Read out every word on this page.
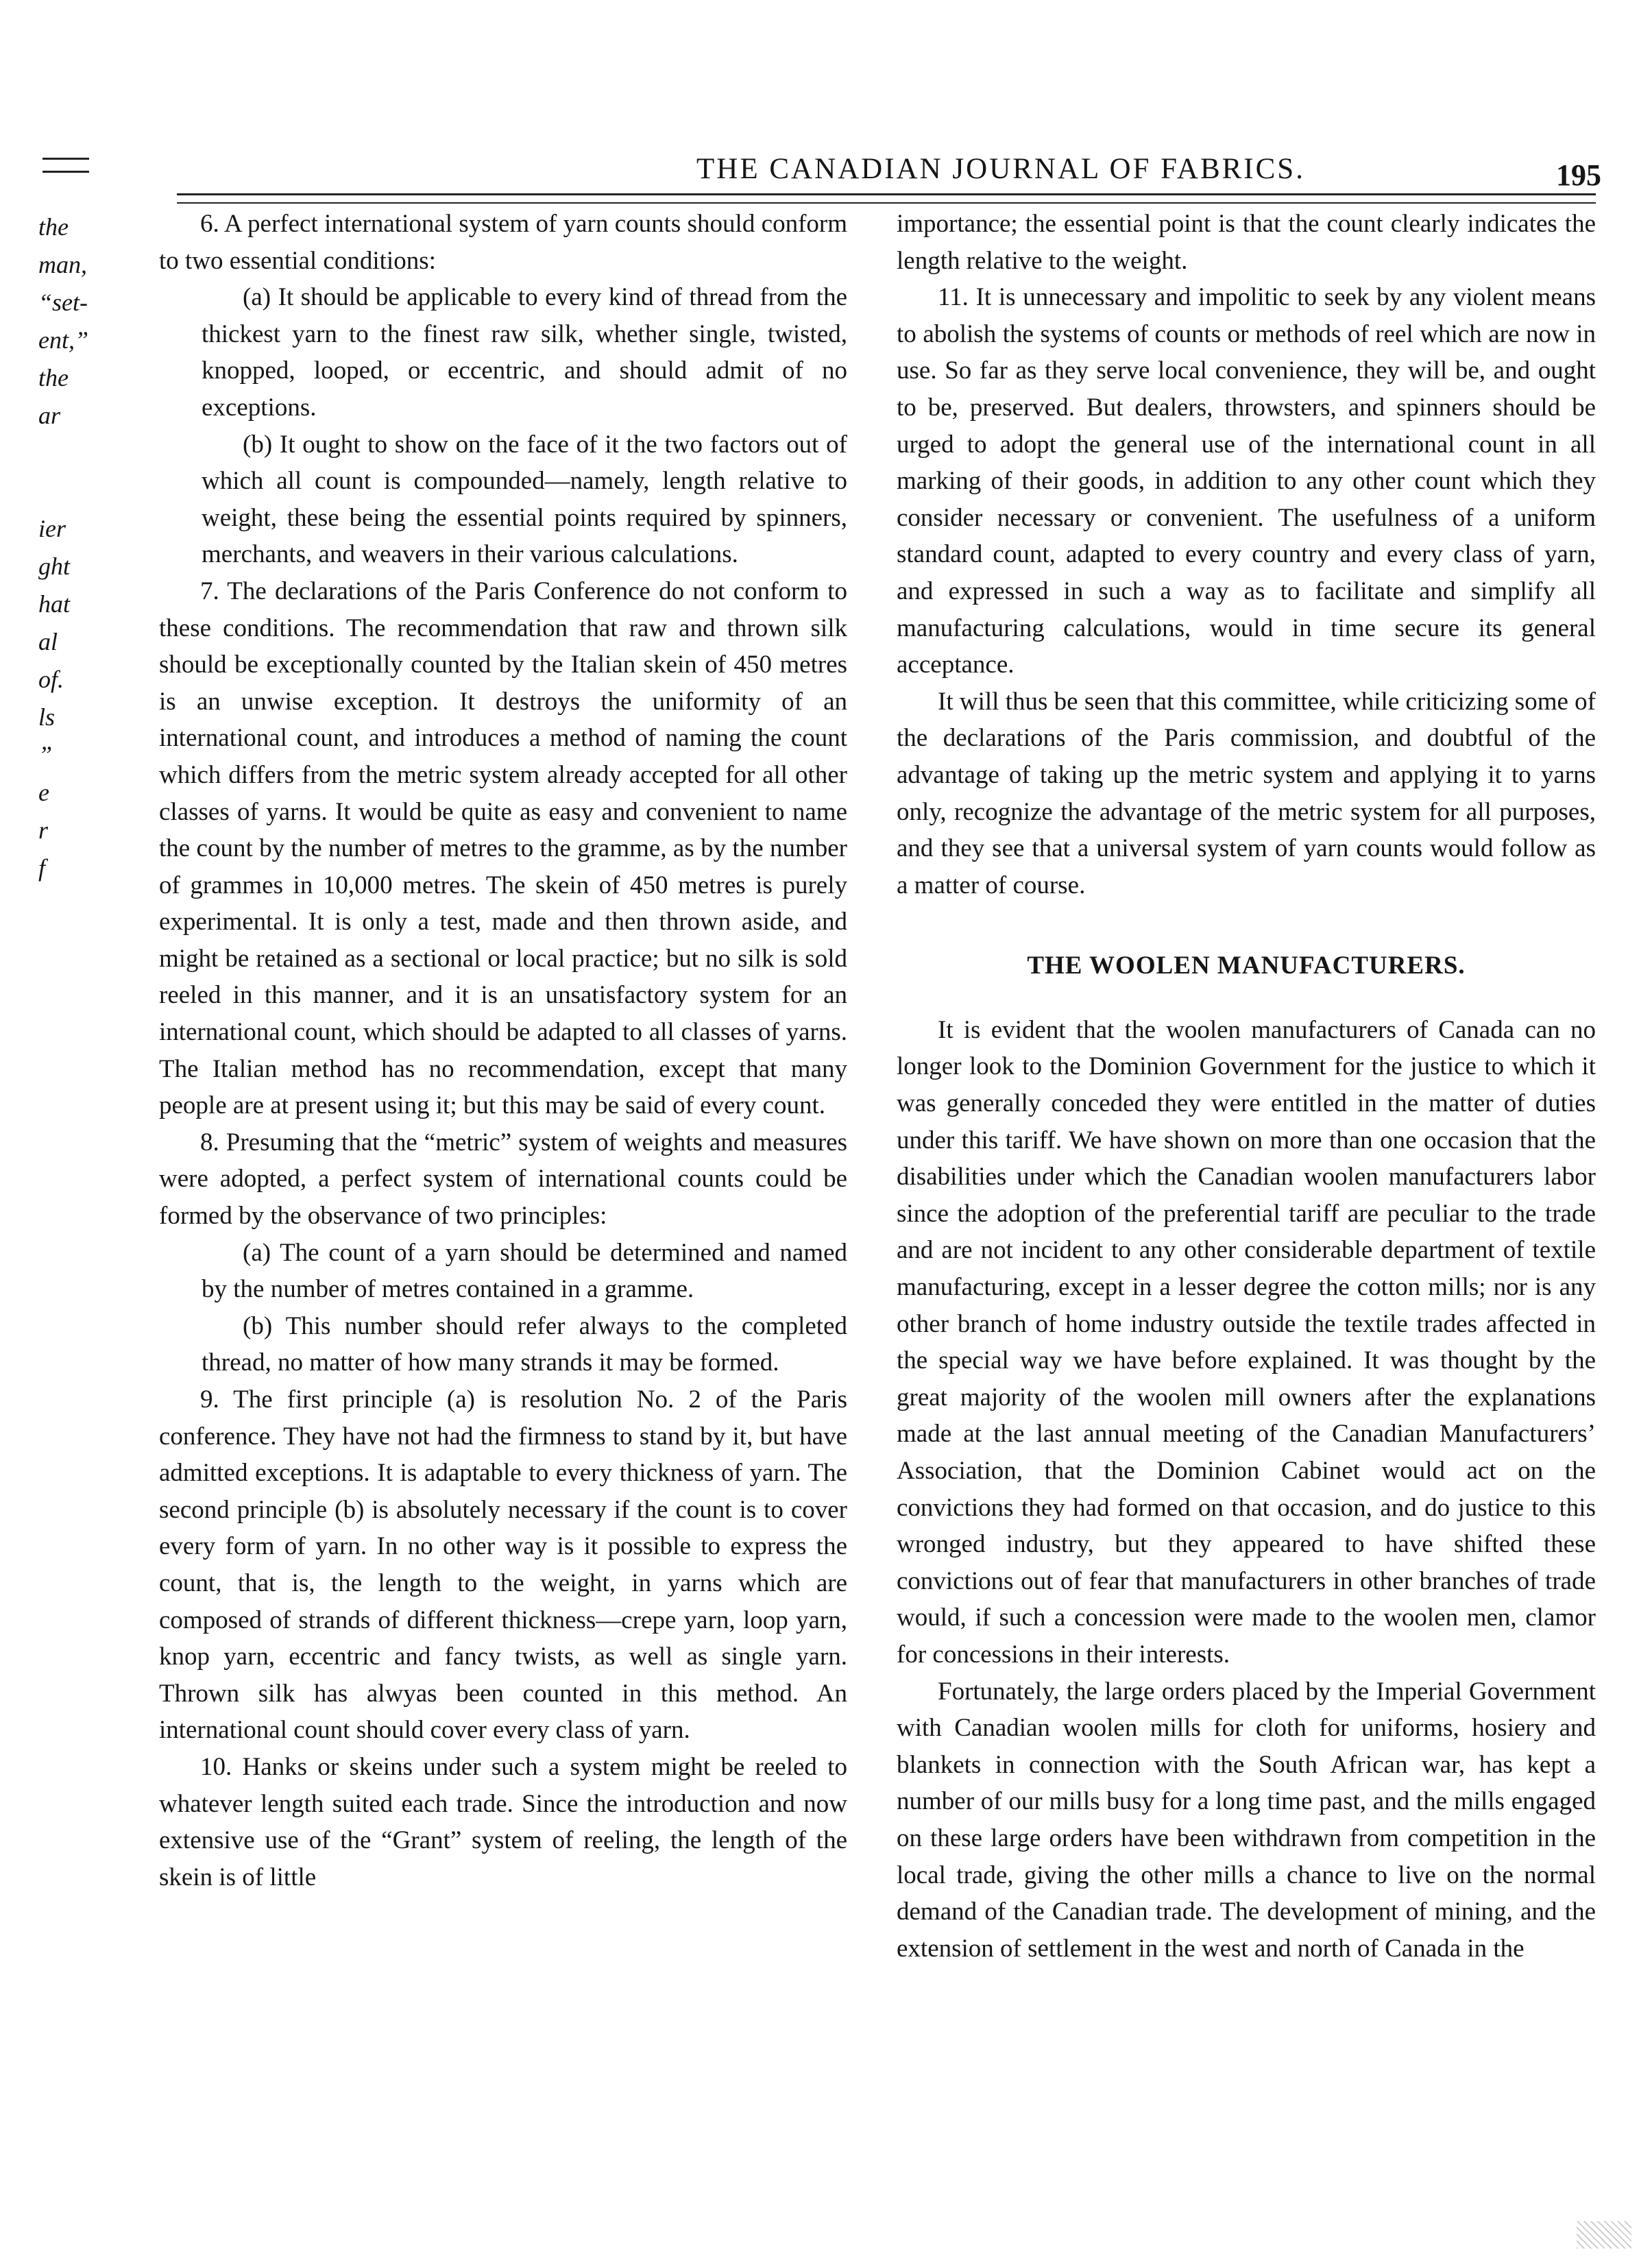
THE CANADIAN JOURNAL OF FABRICS.	195
the
man,
“set-
ent,”
the
ar
ier
ght
hat
al
of.
ls
”
e
r
f

6. A perfect international system of yarn counts should conform to two essential conditions:

(a) It should be applicable to every kind of thread from the thickest yarn to the finest raw silk, whether single, twisted, knopped, looped, or eccentric, and should admit of no exceptions.

(b) It ought to show on the face of it the two factors out of which all count is compounded—namely, length relative to weight, these being the essential points required by spinners, merchants, and weavers in their various calculations.

7. The declarations of the Paris Conference do not conform to these conditions. The recommendation that raw and thrown silk should be exceptionally counted by the Italian skein of 450 metres is an unwise exception. It destroys the uniformity of an international count, and introduces a method of naming the count which differs from the metric system already accepted for all other classes of yarns. It would be quite as easy and convenient to name the count by the number of metres to the gramme, as by the number of grammes in 10,000 metres. The skein of 450 metres is purely experimental. It is only a test, made and then thrown aside, and might be retained as a sectional or local practice; but no silk is sold reeled in this manner, and it is an unsatisfactory system for an international count, which should be adapted to all classes of yarns. The Italian method has no recommendation, except that many people are at present using it; but this may be said of every count.

8. Presuming that the “metric” system of weights and measures were adopted, a perfect system of international counts could be formed by the observance of two principles:

(a) The count of a yarn should be determined and named by the number of metres contained in a gramme.

(b) This number should refer always to the completed thread, no matter of how many strands it may be formed.

9. The first principle (a) is resolution No. 2 of the Paris conference. They have not had the firmness to stand by it, but have admitted exceptions. It is adaptable to every thickness of yarn. The second principle (b) is absolutely necessary if the count is to cover every form of yarn. In no other way is it possible to express the count, that is, the length to the weight, in yarns which are composed of strands of different thickness—crepe yarn, loop yarn, knop yarn, eccentric and fancy twists, as well as single yarn. Thrown silk has alwyas been counted in this method. An international count should cover every class of yarn.

10. Hanks or skeins under such a system might be reeled to whatever length suited each trade. Since the introduction and now extensive use of the “Grant” system of reeling, the length of the skein is of little

importance; the essential point is that the count clearly indicates the length relative to the weight.

11. It is unnecessary and impolitic to seek by any violent means to abolish the systems of counts or methods of reel which are now in use. So far as they serve local convenience, they will be, and ought to be, preserved. But dealers, throwsters, and spinners should be urged to adopt the general use of the international count in all marking of their goods, in addition to any other count which they consider necessary or convenient. The usefulness of a uniform standard count, adapted to every country and every class of yarn, and expressed in such a way as to facilitate and simplify all manufacturing calculations, would in time secure its general acceptance.

It will thus be seen that this committee, while criticizing some of the declarations of the Paris commission, and doubtful of the advantage of taking up the metric system and applying it to yarns only, recognize the advantage of the metric system for all purposes, and they see that a universal system of yarn counts would follow as a matter of course.

THE WOOLEN MANUFACTURERS.

It is evident that the woolen manufacturers of Canada can no longer look to the Dominion Government for the justice to which it was generally conceded they were entitled in the matter of duties under this tariff. We have shown on more than one occasion that the disabilities under which the Canadian woolen manufacturers labor since the adoption of the preferential tariff are peculiar to the trade and are not incident to any other considerable department of textile manufacturing, except in a lesser degree the cotton mills; nor is any other branch of home industry outside the textile trades affected in the special way we have before explained. It was thought by the great majority of the woolen mill owners after the explanations made at the last annual meeting of the Canadian Manufacturers’ Association, that the Dominion Cabinet would act on the convictions they had formed on that occasion, and do justice to this wronged industry, but they appeared to have shifted these convictions out of fear that manufacturers in other branches of trade would, if such a concession were made to the woolen men, clamor for concessions in their interests.

Fortunately, the large orders placed by the Imperial Government with Canadian woolen mills for cloth for uniforms, hosiery and blankets in connection with the South African war, has kept a number of our mills busy for a long time past, and the mills engaged on these large orders have been withdrawn from competition in the local trade, giving the other mills a chance to live on the normal demand of the Canadian trade. The development of mining, and the extension of settlement in the west and north of Canada in the
